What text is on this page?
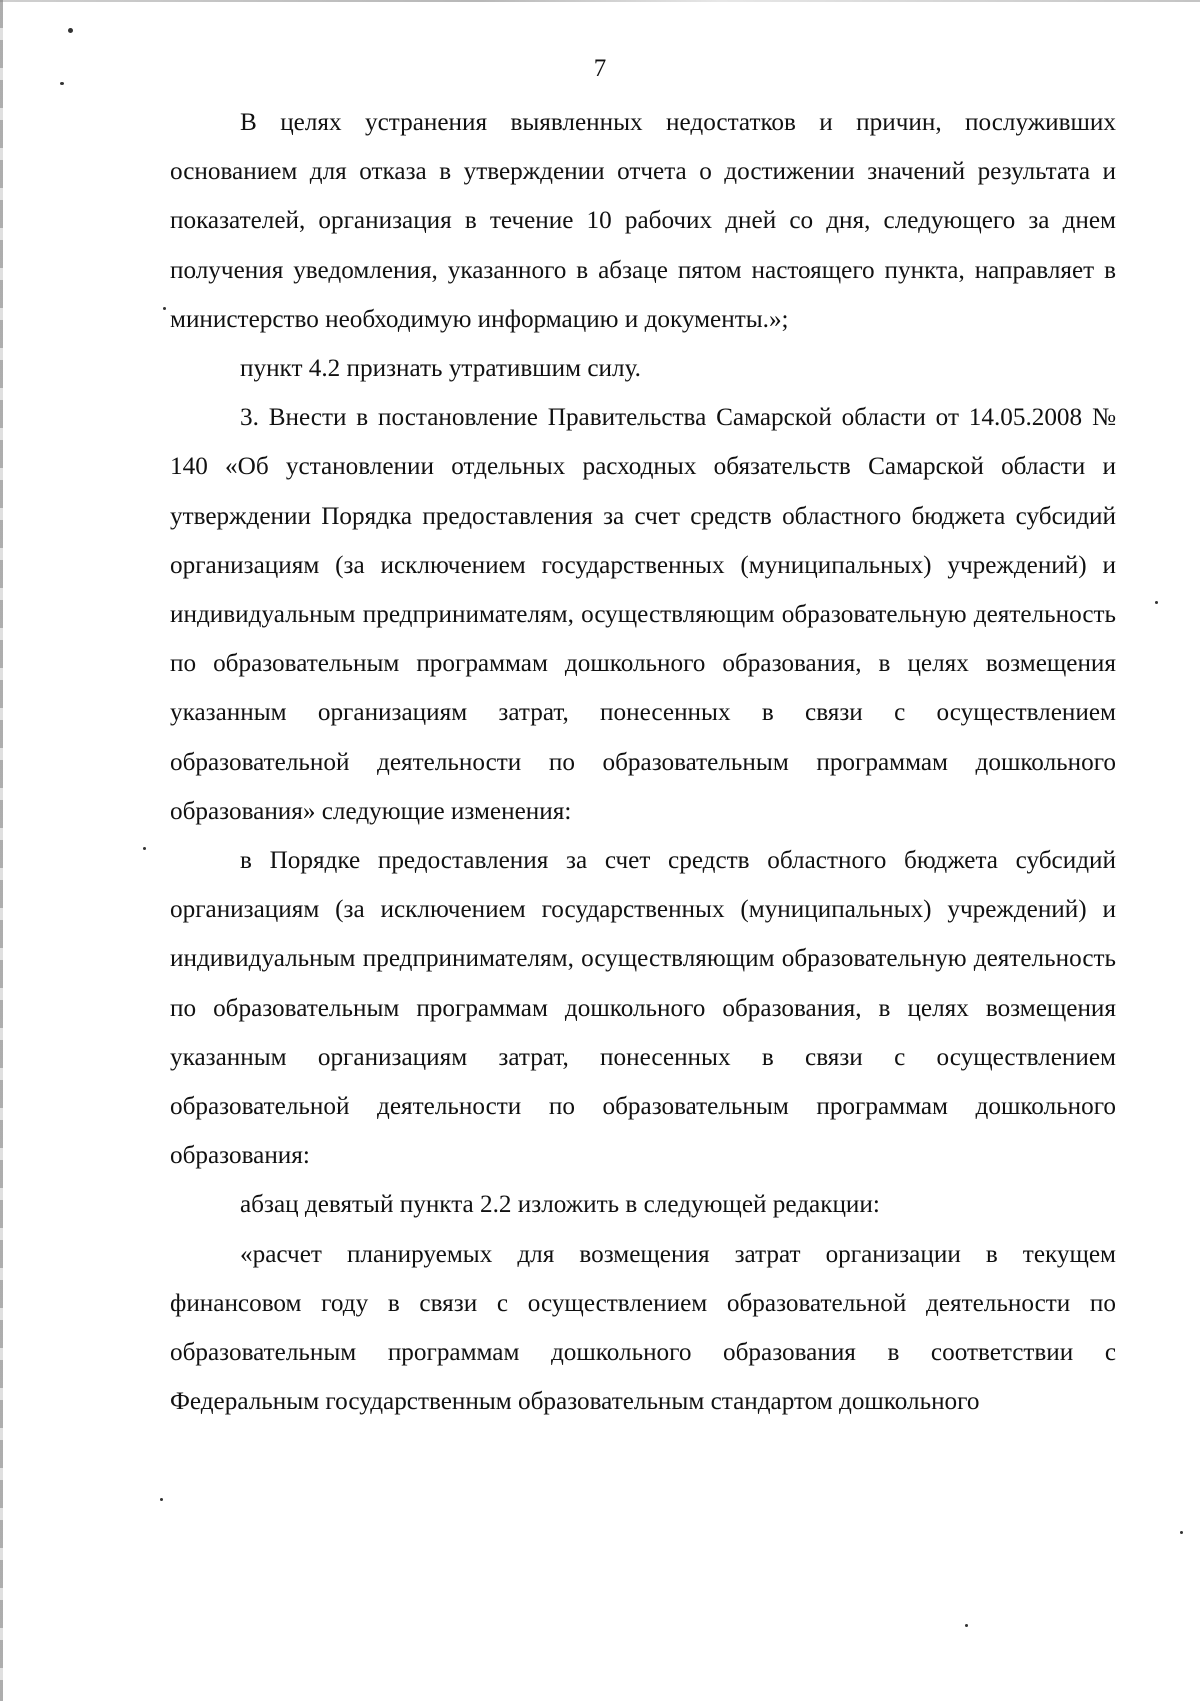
7

В целях устранения выявленных недостатков и причин, послуживших основанием для отказа в утверждении отчета о достижении значений результата и показателей, организация в течение 10 рабочих дней со дня, следующего за днем получения уведомления, указанного в абзаце пятом настоящего пункта, направляет в министерство необходимую информацию и документы.»;

пункт 4.2 признать утратившим силу.

3. Внести в постановление Правительства Самарской области от 14.05.2008 № 140 «Об установлении отдельных расходных обязательств Самарской области и утверждении Порядка предоставления за счет средств областного бюджета субсидий организациям (за исключением государственных (муниципальных) учреждений) и индивидуальным предпринимателям, осуществляющим образовательную деятельность по образовательным программам дошкольного образования, в целях возмещения указанным организациям затрат, понесенных в связи с осуществлением образовательной деятельности по образовательным программам дошкольного образования» следующие изменения:

в Порядке предоставления за счет средств областного бюджета субсидий организациям (за исключением государственных (муниципальных) учреждений) и индивидуальным предпринимателям, осуществляющим образовательную деятельность по образовательным программам дошкольного образования, в целях возмещения указанным организациям затрат, понесенных в связи с осуществлением образовательной деятельности по образовательным программам дошкольного образования:

абзац девятый пункта 2.2 изложить в следующей редакции:

«расчет планируемых для возмещения затрат организации в текущем финансовом году в связи с осуществлением образовательной деятельности по образовательным программам дошкольного образования в соответствии с Федеральным государственным образовательным стандартом дошкольного
